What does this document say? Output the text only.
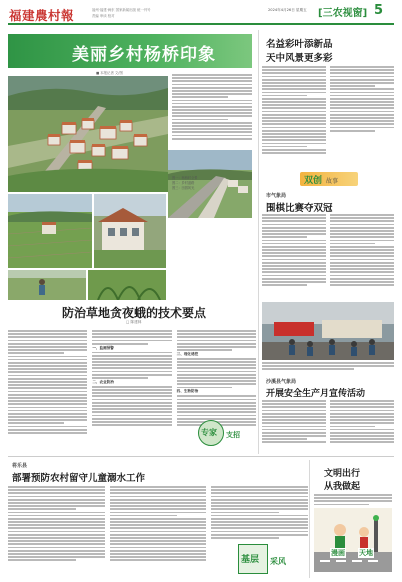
福建農村報	福州·福建·闽东 国家新闻出版 统一刊号
责编 审读 校对
2024年4月26日 星期五 [三农视窗] 5
美丽乡村杨桥印象
■ 本报记者 文/图
图一：杨桥村全景
图二：乡村道路
图三：田园风光
名益彩叶添新品
天中风景更多彩
双创 故事
市气象局
围棋比赛夺双冠
防治草地贪夜蛾的技术要点
□ 陈建林
一、监测预警
二、农业防治
三、理化诱控
四、生物防治
专家 支招
沙溪县气象局
开展安全生产月宣传活动
将乐县
部署预防农村留守儿童溺水工作
基层 采风
文明出行
从我做起
漫画 天地
